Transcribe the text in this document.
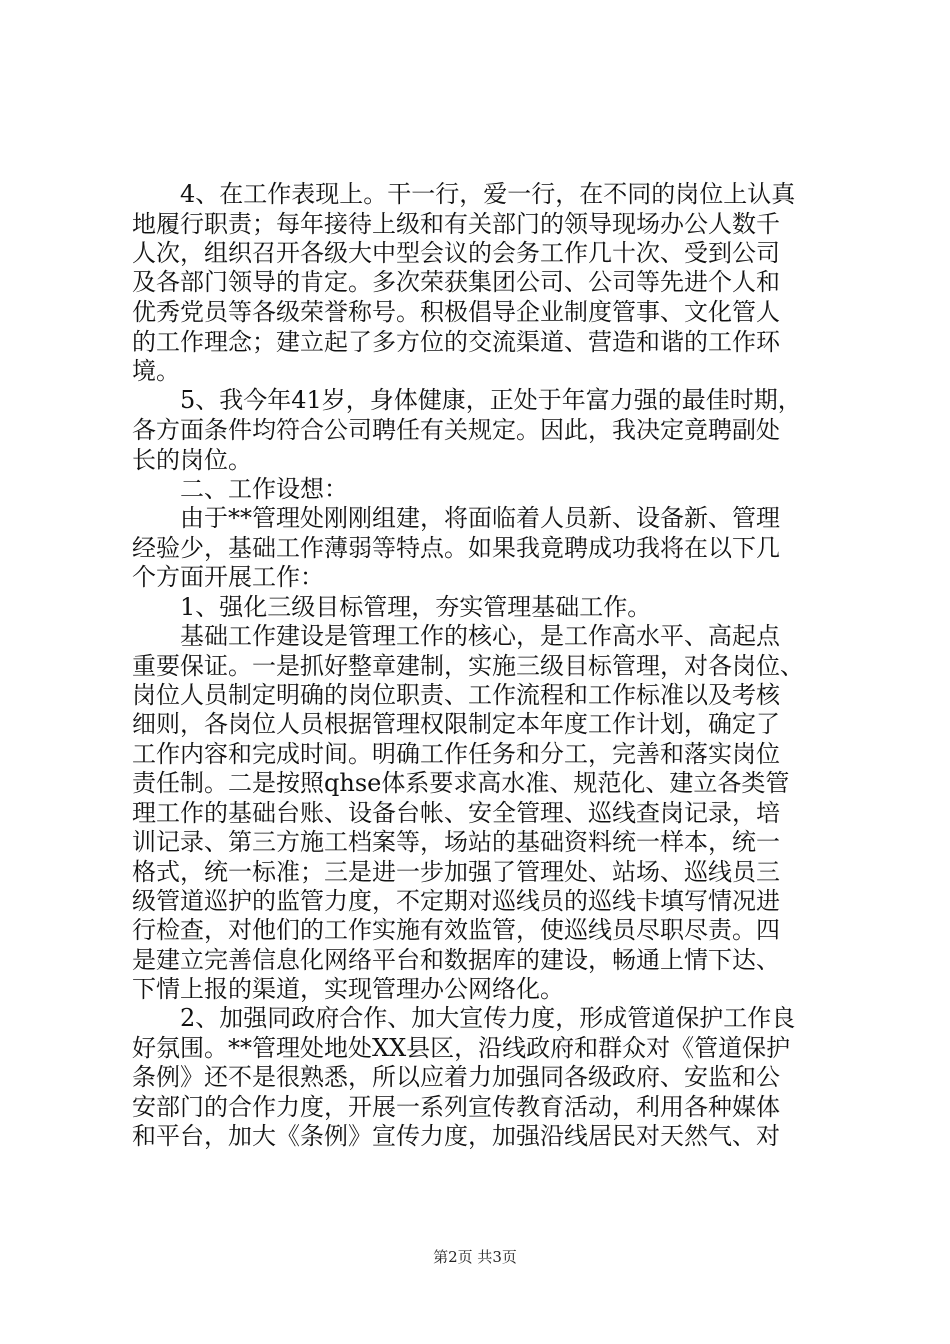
　　4、在工作表现上。干一行，爱一行，在不同的岗位上认真
地履行职责；每年接待上级和有关部门的领导现场办公人数千
人次，组织召开各级大中型会议的会务工作几十次、受到公司
及各部门领导的肯定。多次荣获集团公司、公司等先进个人和
优秀党员等各级荣誉称号。积极倡导企业制度管事、文化管人
的工作理念；建立起了多方位的交流渠道、营造和谐的工作环
境。
　　5、我今年41岁，身体健康，正处于年富力强的最佳时期，
各方面条件均符合公司聘任有关规定。因此，我决定竟聘副处
长的岗位。
　　二、工作设想：
　　由于**管理处刚刚组建，将面临着人员新、设备新、管理
经验少，基础工作薄弱等特点。如果我竟聘成功我将在以下几
个方面开展工作：
　　1、强化三级目标管理，夯实管理基础工作。
　　基础工作建设是管理工作的核心，是工作高水平、高起点
重要保证。一是抓好整章建制，实施三级目标管理，对各岗位、
岗位人员制定明确的岗位职责、工作流程和工作标准以及考核
细则，各岗位人员根据管理权限制定本年度工作计划，确定了
工作内容和完成时间。明确工作任务和分工，完善和落实岗位
责任制。二是按照qhse体系要求高水准、规范化、建立各类管
理工作的基础台账、设备台帐、安全管理、巡线查岗记录，培
训记录、第三方施工档案等，场站的基础资料统一样本，统一
格式，统一标准；三是进一步加强了管理处、站场、巡线员三
级管道巡护的监管力度，不定期对巡线员的巡线卡填写情况进
行检查，对他们的工作实施有效监管，使巡线员尽职尽责。四
是建立完善信息化网络平台和数据库的建设，畅通上情下达、
下情上报的渠道，实现管理办公网络化。
　　2、加强同政府合作、加大宣传力度，形成管道保护工作良
好氛围。**管理处地处XX县区，沿线政府和群众对《管道保护
条例》还不是很熟悉，所以应着力加强同各级政府、安监和公
安部门的合作力度，开展一系列宣传教育活动，利用各种媒体
和平台，加大《条例》宣传力度，加强沿线居民对天然气、对
第2页 共3页
